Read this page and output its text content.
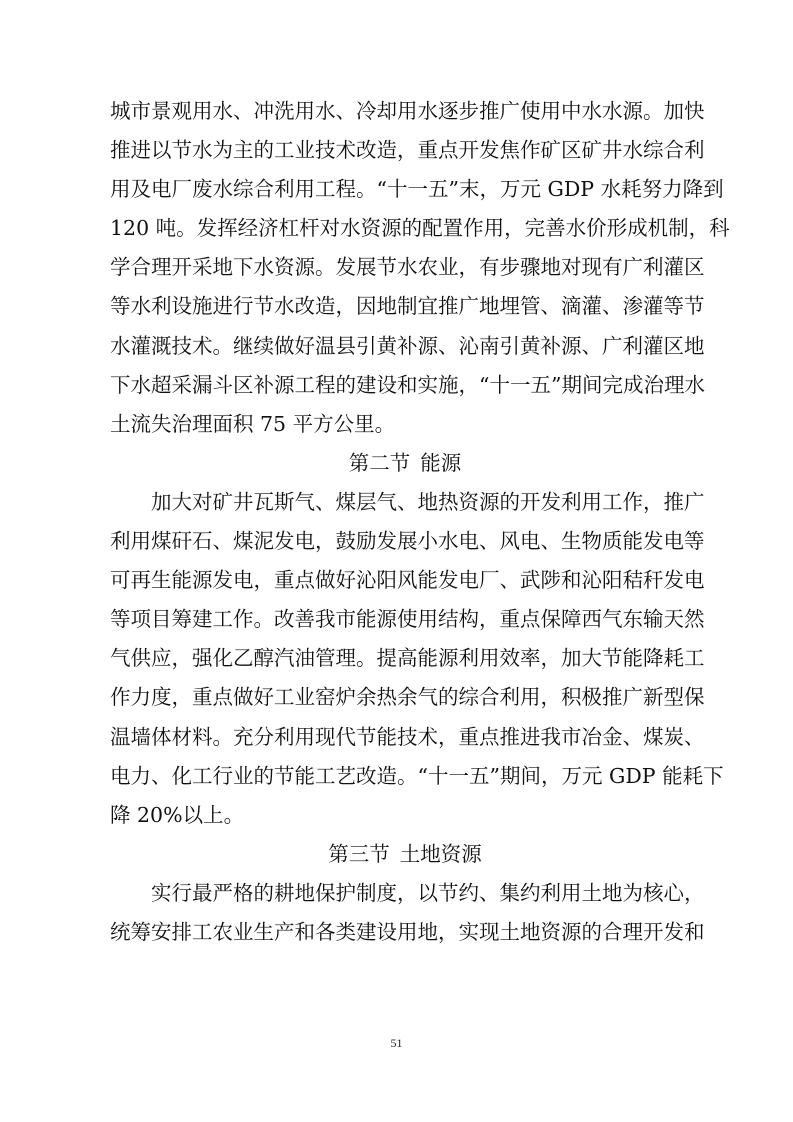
城市景观用水、冲洗用水、冷却用水逐步推广使用中水水源。加快
推进以节水为主的工业技术改造，重点开发焦作矿区矿井水综合利
用及电厂废水综合利用工程。“十一五”末，万元 GDP 水耗努力降到
120 吨。发挥经济杠杆对水资源的配置作用，完善水价形成机制，科
学合理开采地下水资源。发展节水农业，有步骤地对现有广利灌区
等水利设施进行节水改造，因地制宜推广地埋管、滴灌、渗灌等节
水灌溉技术。继续做好温县引黄补源、沁南引黄补源、广利灌区地
下水超采漏斗区补源工程的建设和实施，“十一五”期间完成治理水
土流失治理面积 75 平方公里。
第二节 能源
加大对矿井瓦斯气、煤层气、地热资源的开发利用工作，推广
利用煤矸石、煤泥发电，鼓励发展小水电、风电、生物质能发电等
可再生能源发电，重点做好沁阳风能发电厂、武陟和沁阳秸秆发电
等项目筹建工作。改善我市能源使用结构，重点保障西气东输天然
气供应，强化乙醇汽油管理。提高能源利用效率，加大节能降耗工
作力度，重点做好工业窑炉余热余气的综合利用，积极推广新型保
温墙体材料。充分利用现代节能技术，重点推进我市冶金、煤炭、
电力、化工行业的节能工艺改造。“十一五”期间，万元 GDP 能耗下
降 20%以上。
第三节 土地资源
实行最严格的耕地保护制度，以节约、集约利用土地为核心，
统筹安排工农业生产和各类建设用地，实现土地资源的合理开发和
51
